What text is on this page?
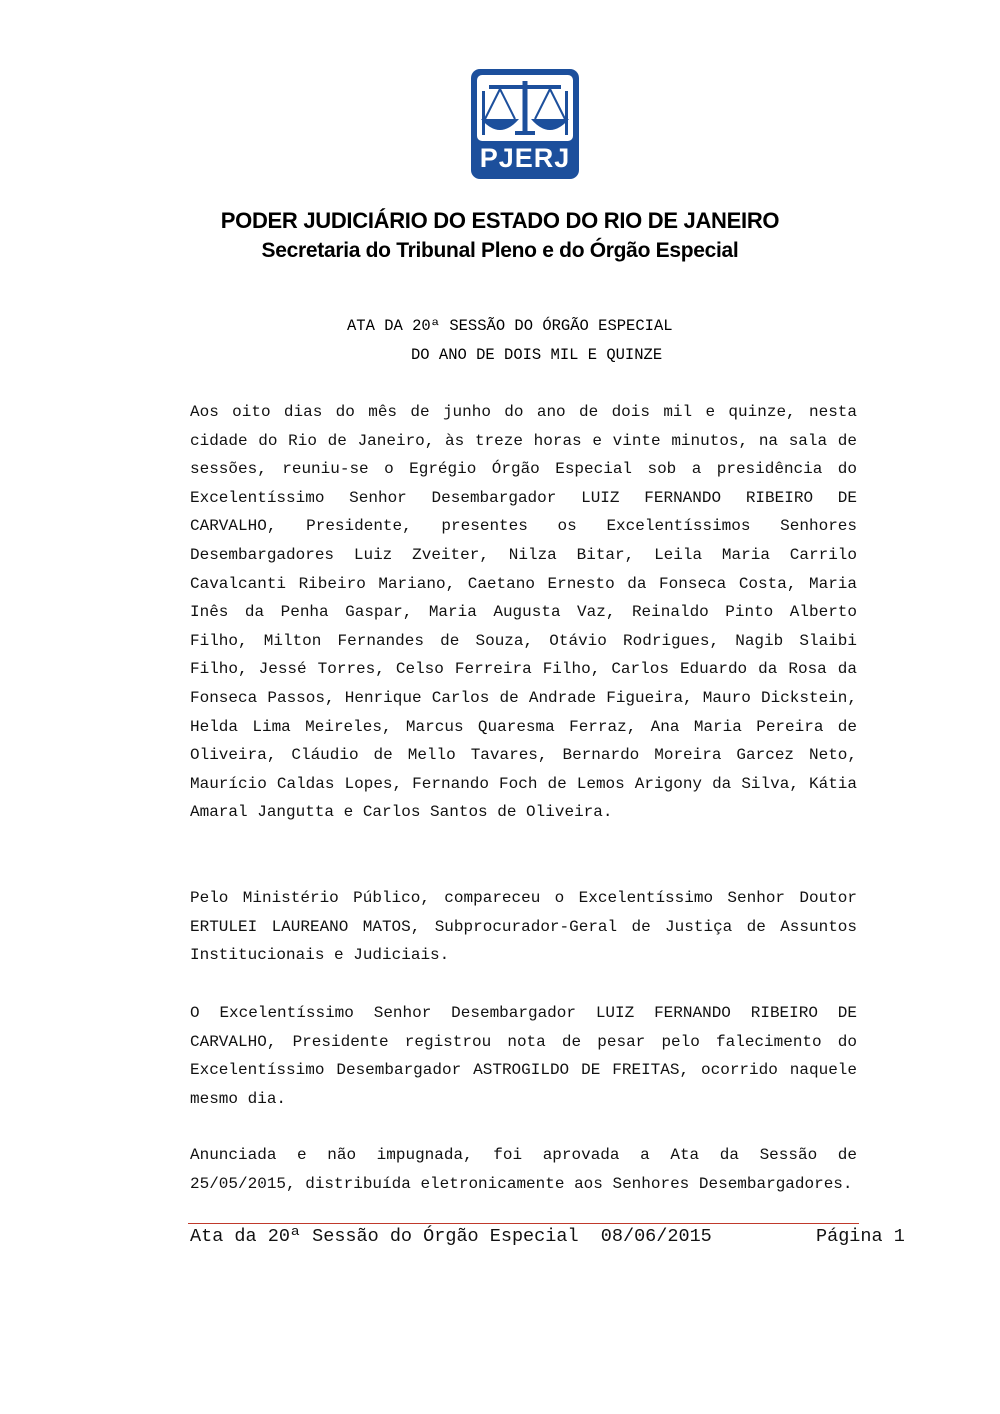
PJERJ
PODER JUDICIÁRIO DO ESTADO DO RIO DE JANEIRO
Secretaria do Tribunal Pleno e do Órgão Especial
ATA DA 20ª SESSÃO DO ÓRGÃO ESPECIAL
DO ANO DE DOIS MIL E QUINZE

Aos oito dias do mês de junho do ano de dois mil e quinze, nesta cidade do Rio de Janeiro, às treze horas e vinte minutos, na sala de sessões, reuniu-se o Egrégio Órgão Especial sob a presidência do Excelentíssimo Senhor Desembargador LUIZ FERNANDO RIBEIRO DE CARVALHO, Presidente, presentes os Excelentíssimos Senhores Desembargadores Luiz Zveiter, Nilza Bitar, Leila Maria Carrilo Cavalcanti Ribeiro Mariano, Caetano Ernesto da Fonseca Costa, Maria Inês da Penha Gaspar, Maria Augusta Vaz, Reinaldo Pinto Alberto Filho, Milton Fernandes de Souza, Otávio Rodrigues, Nagib Slaibi Filho, Jessé Torres, Celso Ferreira Filho, Carlos Eduardo da Rosa da Fonseca Passos, Henrique Carlos de Andrade Figueira, Mauro Dickstein, Helda Lima Meireles, Marcus Quaresma Ferraz, Ana Maria Pereira de Oliveira, Cláudio de Mello Tavares, Bernardo Moreira Garcez Neto, Maurício Caldas Lopes, Fernando Foch de Lemos Arigony da Silva, Kátia Amaral Jangutta e Carlos Santos de Oliveira.

Pelo Ministério Público, compareceu o Excelentíssimo Senhor Doutor ERTULEI LAUREANO MATOS, Subprocurador-Geral de Justiça de Assuntos Institucionais e Judiciais.

O Excelentíssimo Senhor Desembargador LUIZ FERNANDO RIBEIRO DE CARVALHO, Presidente registrou nota de pesar pelo falecimento do Excelentíssimo Desembargador ASTROGILDO DE FREITAS, ocorrido naquele mesmo dia.

Anunciada e não impugnada, foi aprovada a Ata da Sessão de 25/05/2015, distribuída eletronicamente aos Senhores Desembargadores.

Ata da 20ª Sessão do Órgão Especial  08/06/2015	Página 1
